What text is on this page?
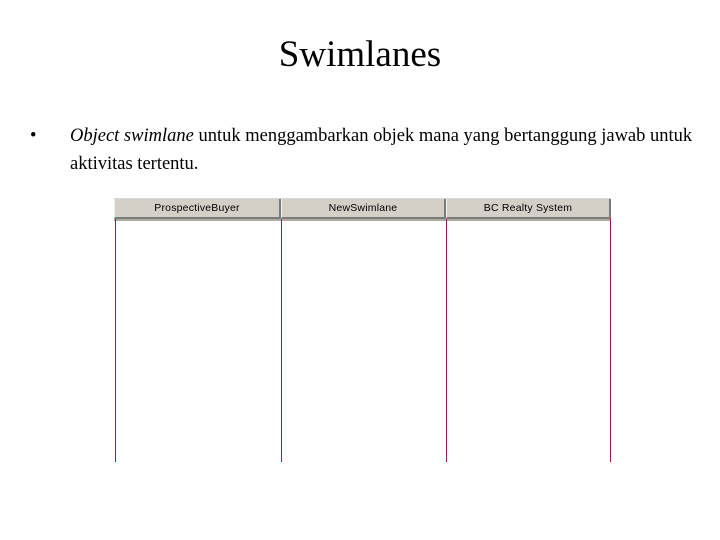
Swimlanes
•	Object swimlane untuk menggambarkan objek mana yang bertanggung jawab untuk aktivitas tertentu.
ProspectiveBuyer	NewSwimlane	BC Realty System
